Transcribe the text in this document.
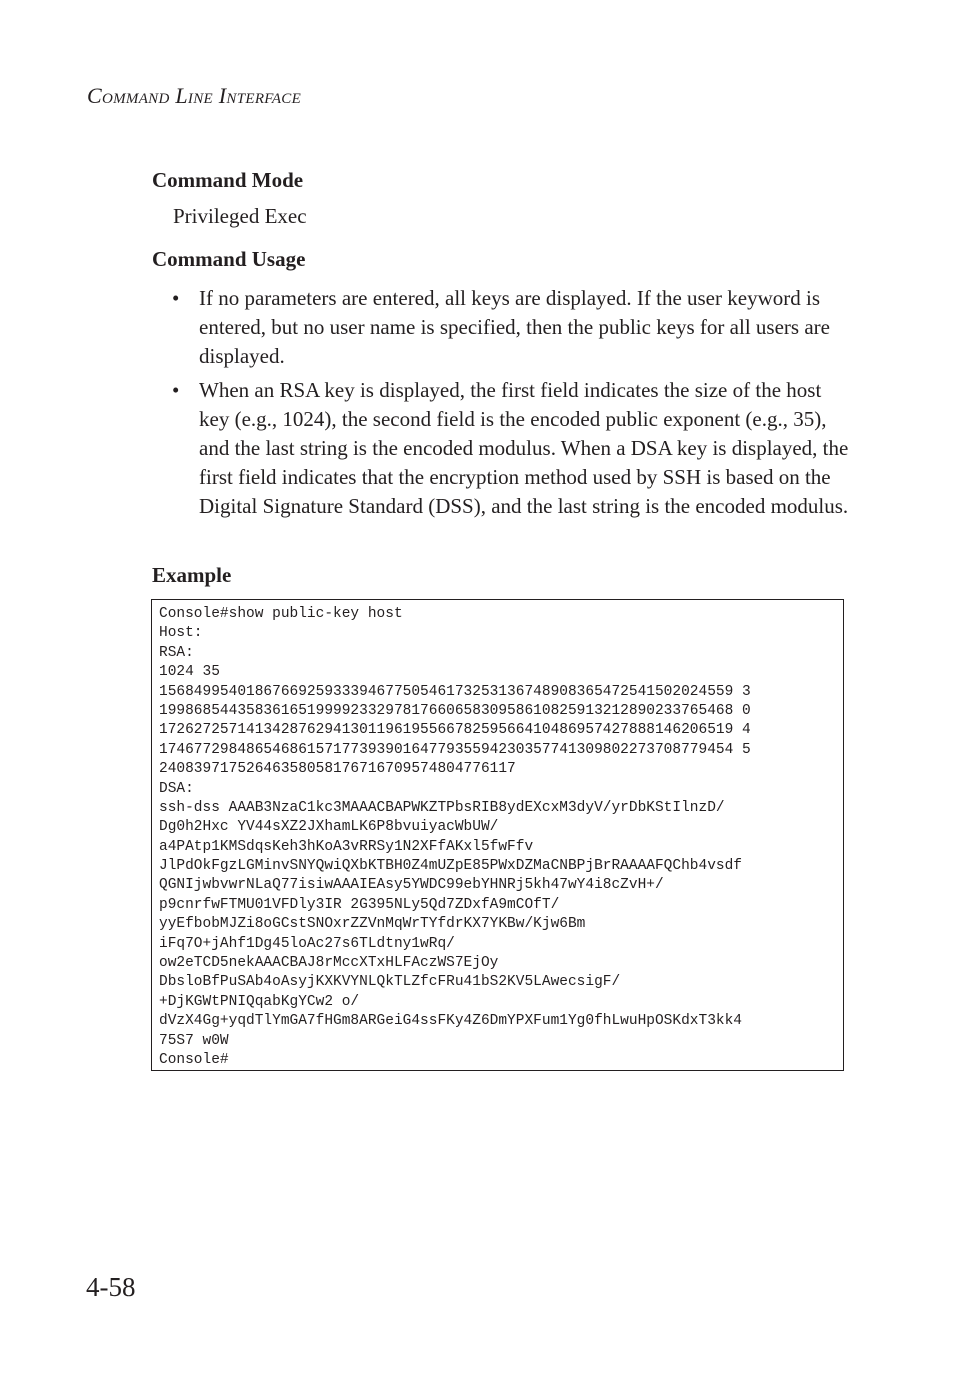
Command Line Interface
Command Mode
Privileged Exec
Command Usage
• If no parameters are entered, all keys are displayed. If the user keyword is entered, but no user name is specified, then the public keys for all users are displayed.
• When an RSA key is displayed, the first field indicates the size of the host key (e.g., 1024), the second field is the encoded public exponent (e.g., 35), and the last string is the encoded modulus. When a DSA key is displayed, the first field indicates that the encryption method used by SSH is based on the Digital Signature Standard (DSS), and the last string is the encoded modulus.
Example
Console#show public-key host
Host:
RSA:
1024 35
156849954018676692593339467750546173253136748908365472541502024559 3
199868544358361651999923329781766065830958610825913212890233765468 0
172627257141342876294130119619556678259566410486957427888146206519 4
174677298486546861571773939016477935594230357741309802273708779454 5
24083971752646358058176716709574804776117
DSA:
ssh-dss AAAB3NzaC1kc3MAAACBAPWKZTPbsRIB8ydEXcxM3dyV/yrDbKStIlnzD/
Dg0h2Hxc YV44sXZ2JXhamLK6P8bvuiyacWbUW/
a4PAtp1KMSdqsKeh3hKoA3vRRSy1N2XFfAKxl5fwFfv
JlPdOkFgzLGMinvSNYQwiQXbKTBH0Z4mUZpE85PWxDZMaCNBPjBrRAAAAFQChb4vsdf
QGNIjwbvwrNLaQ77isiwAAAIEAsy5YWDC99ebYHNRj5kh47wY4i8cZvH+/
p9cnrfwFTMU01VFDly3IR 2G395NLy5Qd7ZDxfA9mCOfT/
yyEfbobMJZi8oGCstSNOxrZZVnMqWrTYfdrKX7YKBw/Kjw6Bm
iFq7O+jAhf1Dg45loAc27s6TLdtny1wRq/
ow2eTCD5nekAAACBAJ8rMccXTxHLFAczWS7EjOy
DbsloBfPuSAb4oAsyjKXKVYNLQkTLZfcFRu41bS2KV5LAwecsigF/
+DjKGWtPNIQqabKgYCw2 o/
dVzX4Gg+yqdTlYmGA7fHGm8ARGeiG4ssFKy4Z6DmYPXFum1Yg0fhLwuHpOSKdxT3kk4
75S7 w0W
Console#
4-58
